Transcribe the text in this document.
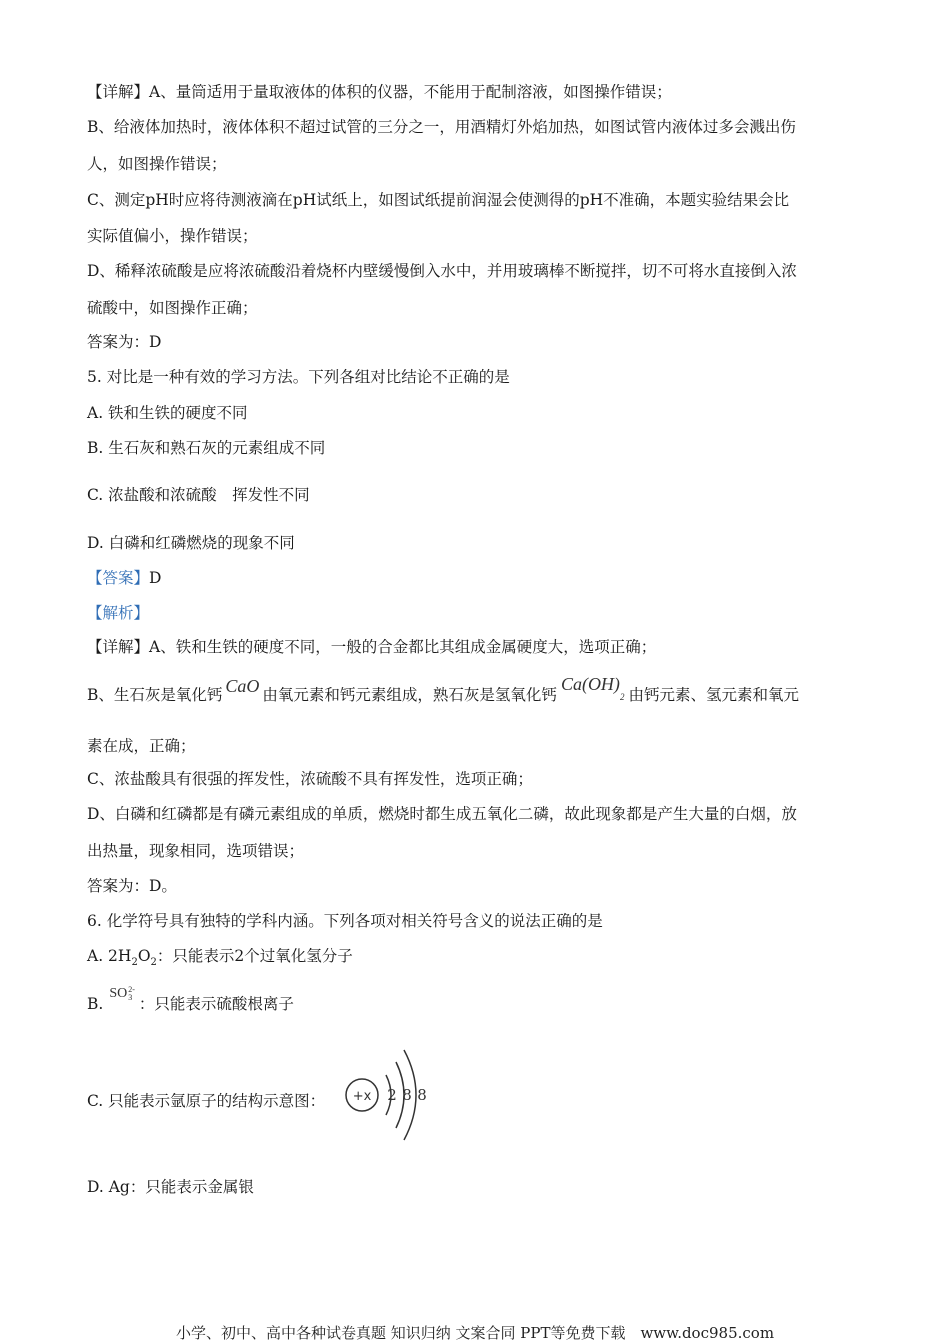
【详解】A、量筒适用于量取液体的体积的仪器，不能用于配制溶液，如图操作错误；
B、给液体加热时，液体体积不超过试管的三分之一，用酒精灯外焰加热，如图试管内液体过多会溅出伤
人，如图操作错误；
C、测定pH时应将待测液滴在pH试纸上，如图试纸提前润湿会使测得的pH不准确，本题实验结果会比
实际值偏小，操作错误；
D、稀释浓硫酸是应将浓硫酸沿着烧杯内壁缓慢倒入水中，并用玻璃棒不断搅拌，切不可将水直接倒入浓
硫酸中，如图操作正确；
答案为：D
5. 对比是一种有效的学习方法。下列各组对比结论不正确的是
A. 铁和生铁的硬度不同
B. 生石灰和熟石灰的元素组成不同
C. 浓盐酸和浓硫酸　挥发性不同
D. 白磷和红磷燃烧的现象不同
【答案】D
【解析】
【详解】A、铁和生铁的硬度不同，一般的合金都比其组成金属硬度大，选项正确；
B、生石灰是氧化钙 CaO 由氧元素和钙元素组成，熟石灰是氢氧化钙Ca(OH)2 由钙元素、氢元素和氧元
素在成，正确；
C、浓盐酸具有很强的挥发性，浓硫酸不具有挥发性，选项正确；
D、白磷和红磷都是有磷元素组成的单质，燃烧时都生成五氧化二磷，故此现象都是产生大量的白烟，放
出热量，现象相同，选项错误；
答案为：D。
6. 化学符号具有独特的学科内涵。下列各项对相关符号含义的说法正确的是
A. $2H_2O_2$：只能表示2个过氧化氢分子
B.SO 2-
3 ：只能表示硫酸根离子
C. 只能表示氩原子的结构示意图： +x 2 8 8
D. Ag：只能表示金属银
小学、初中、高中各种试卷真题 知识归纳 文案合同 PPT等免费下载　www.doc985.com
